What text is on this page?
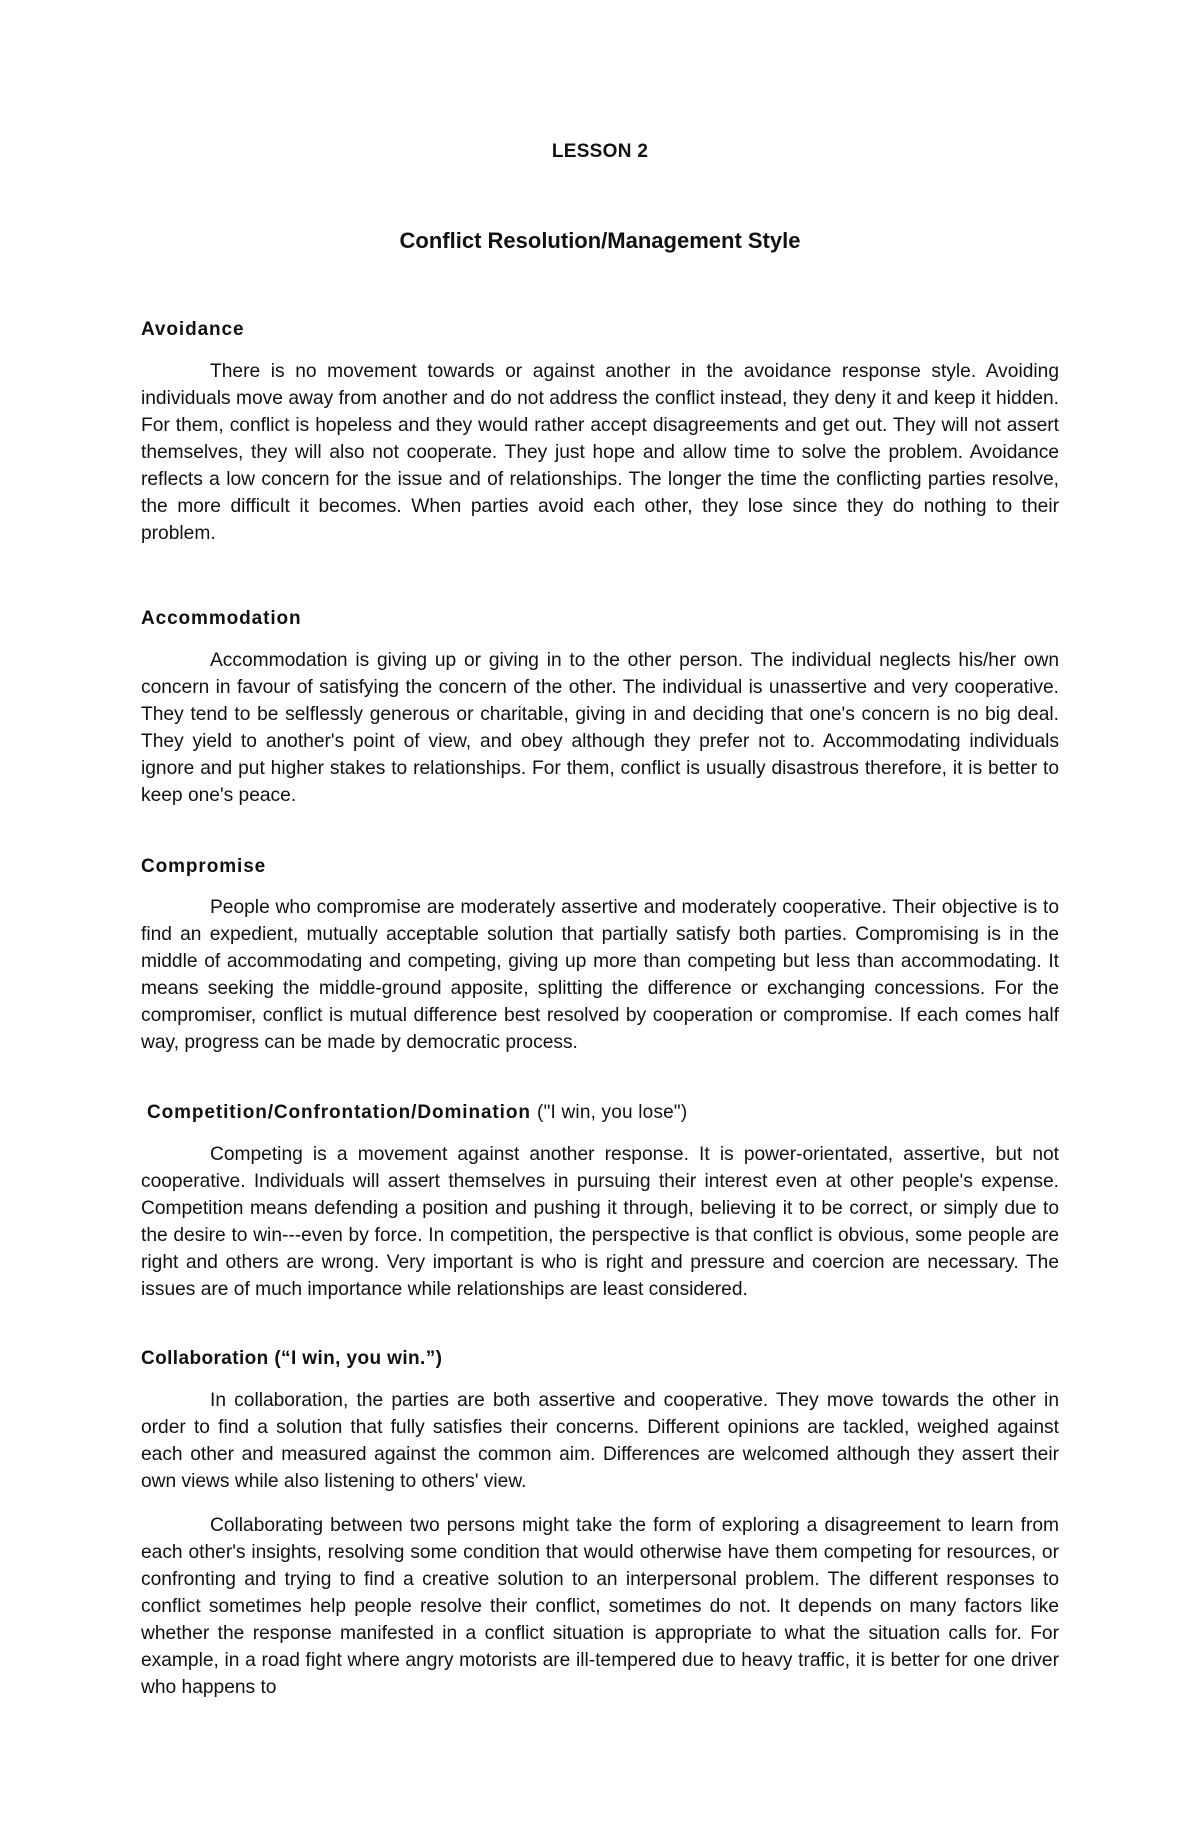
LESSON 2
Conflict Resolution/Management Style
Avoidance

There is no movement towards or against another in the avoidance response style. Avoiding individuals move away from another and do not address the conflict instead, they deny it and keep it hidden. For them, conflict is hopeless and they would rather accept disagreements and get out. They will not assert themselves, they will also not cooperate. They just hope and allow time to solve the problem. Avoidance reflects a low concern for the issue and of relationships. The longer the time the conflicting parties resolve, the more difficult it becomes. When parties avoid each other, they lose since they do nothing to their problem.

Accommodation

Accommodation is giving up or giving in to the other person. The individual neglects his/her own concern in favour of satisfying the concern of the other. The individual is unassertive and very cooperative. They tend to be selflessly generous or charitable, giving in and deciding that one's concern is no big deal. They yield to another's point of view, and obey although they prefer not to. Accommodating individuals ignore and put higher stakes to relationships. For them, conflict is usually disastrous therefore, it is better to keep one's peace.

Compromise

People who compromise are moderately assertive and moderately cooperative. Their objective is to find an expedient, mutually acceptable solution that partially satisfy both parties. Compromising is in the middle of accommodating and competing, giving up more than competing but less than accommodating. It means seeking the middle-ground apposite, splitting the difference or exchanging concessions. For the compromiser, conflict is mutual difference best resolved by cooperation or compromise. If each comes half way, progress can be made by democratic process.

Competition/Confrontation/Domination ("I win, you lose")

Competing is a movement against another response. It is power-orientated, assertive, but not cooperative. Individuals will assert themselves in pursuing their interest even at other people's expense. Competition means defending a position and pushing it through, believing it to be correct, or simply due to the desire to win---even by force. In competition, the perspective is that conflict is obvious, some people are right and others are wrong. Very important is who is right and pressure and coercion are necessary. The issues are of much importance while relationships are least considered.

Collaboration (“I win, you win.”)

In collaboration, the parties are both assertive and cooperative. They move towards the other in order to find a solution that fully satisfies their concerns. Different opinions are tackled, weighed against each other and measured against the common aim. Differences are welcomed although they assert their own views while also listening to others' view.

Collaborating between two persons might take the form of exploring a disagreement to learn from each other's insights, resolving some condition that would otherwise have them competing for resources, or confronting and trying to find a creative solution to an interpersonal problem. The different responses to conflict sometimes help people resolve their conflict, sometimes do not. It depends on many factors like whether the response manifested in a conflict situation is appropriate to what the situation calls for. For example, in a road fight where angry motorists are ill-tempered due to heavy traffic, it is better for one driver who happens to
